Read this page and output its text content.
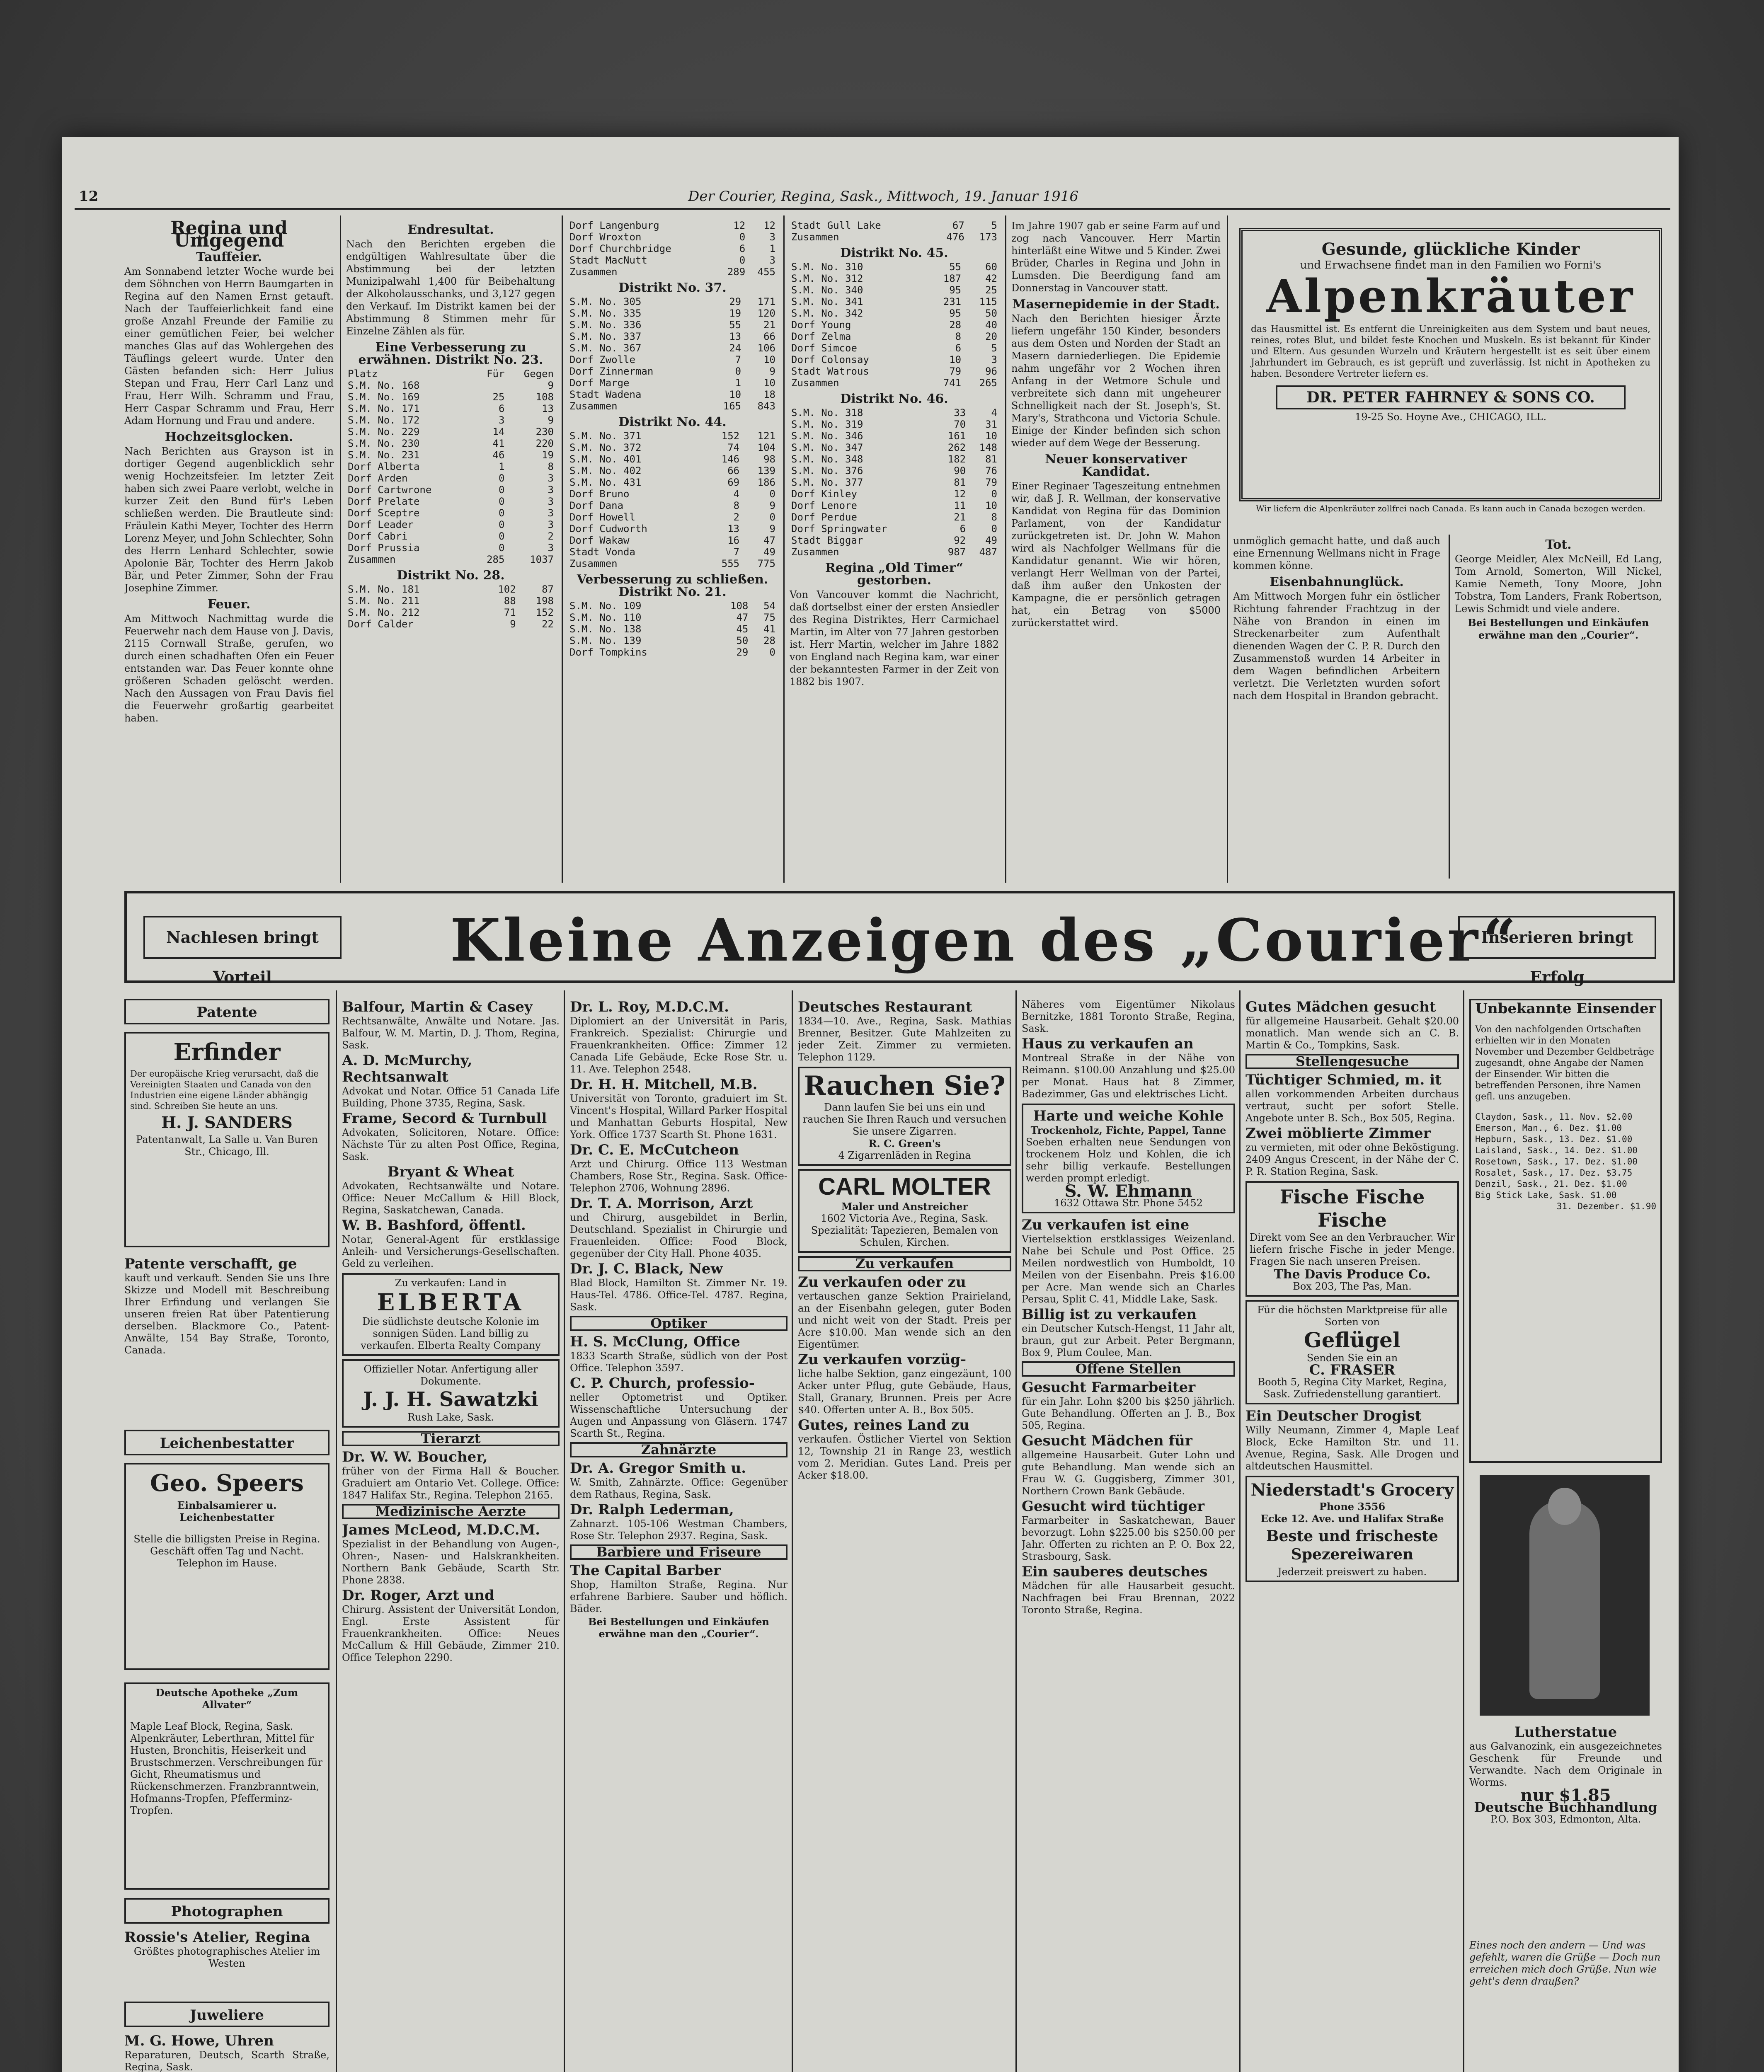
12	Der Courier, Regina, Sask., Mittwoch, 19. Januar 1916
Regina und Umgegend
Tauffeier.

Am Sonnabend letzter Woche wurde bei dem Söhnchen von Herrn Baumgarten in Regina auf den Namen Ernst getauft. Nach der Tauffeierlichkeit fand eine große Anzahl Freunde der Familie zu einer gemütlichen Feier, bei welcher manches Glas auf das Wohlergehen des Täuflings geleert wurde. Unter den Gästen befanden sich: Herr Julius Stepan und Frau, Herr Carl Lanz und Frau, Herr Wilh. Schramm und Frau, Herr Caspar Schramm und Frau, Herr Adam Hornung und Frau und andere.

Hochzeitsglocken.

Nach Berichten aus Grayson ist in dortiger Gegend augenblicklich sehr wenig Hochzeitsfeier. Im letzter Zeit haben sich zwei Paare verlobt, welche in kurzer Zeit den Bund für's Leben schließen werden. Die Brautleute sind: Fräulein Kathi Meyer, Tochter des Herrn Lorenz Meyer, und John Schlechter, Sohn des Herrn Lenhard Schlechter, sowie Apolonie Bär, Tochter des Herrn Jakob Bär, und Peter Zimmer, Sohn der Frau Josephine Zimmer.

Feuer.

Am Mittwoch Nachmittag wurde die Feuerwehr nach dem Hause von J. Davis, 2115 Cornwall Straße, gerufen, wo durch einen schadhaften Ofen ein Feuer entstanden war. Das Feuer konnte ohne größeren Schaden gelöscht werden. Nach den Aussagen von Frau Davis fiel die Feuerwehr großartig gearbeitet haben.

Endresultat.

Nach den Berichten ergeben die endgültigen Wahlresultate über die Abstimmung bei der letzten Munizipalwahl 1,400 für Beibehaltung der Alkoholausschanks, und 3,127 gegen den Verkauf. Im Distrikt kamen bei der Abstimmung 8 Stimmen mehr für Einzelne Zählen als für.

Eine Verbesserung zu erwähnen. Distrikt No. 23.
Platz	Für	Gegen
S.M. No. 168		9
S.M. No. 169	25	108
S.M. No. 171	6	13
S.M. No. 172	3	9
S.M. No. 229	14	230
S.M. No. 230	41	220
S.M. No. 231	46	19
Dorf Alberta	1	8
Dorf Arden	0	3
Dorf Cartwrone	0	3
Dorf Prelate	0	3
Dorf Sceptre	0	3
Dorf Leader	0	3
Dorf Cabri	0	2
Dorf Prussia	0	3
Zusammen	285	1037
Distrikt No. 28.
S.M. No. 181	102	87
S.M. No. 211	88	198
S.M. No. 212	71	152
Dorf Calder	9	22
Dorf Langenburg	12	12
Dorf Wroxton	0	3
Dorf Churchbridge	6	1
Stadt MacNutt	0	3
Zusammen	289	455
Distrikt No. 37.
S.M. No. 305	29	171
S.M. No. 335	19	120
S.M. No. 336	55	21
S.M. No. 337	13	66
S.M. No. 367	24	106
Dorf Zwolle	7	10
Dorf Zinnerman	0	9
Dorf Marge	1	10
Stadt Wadena	10	18
Zusammen	165	843
Distrikt No. 44.
S.M. No. 371	152	121
S.M. No. 372	74	104
S.M. No. 401	146	98
S.M. No. 402	66	139
S.M. No. 431	69	186
Dorf Bruno	4	0
Dorf Dana	8	9
Dorf Howell	2	0
Dorf Cudworth	13	9
Dorf Wakaw	16	47
Stadt Vonda	7	49
Zusammen	555	775
Verbesserung zu schließen. Distrikt No. 21.
S.M. No. 109	108	54
S.M. No. 110	47	75
S.M. No. 138	45	41
S.M. No. 139	50	28
Dorf Tompkins	29	0
Stadt Gull Lake	67	5
Zusammen	476	173
Distrikt No. 45.
S.M. No. 310	55	60
S.M. No. 312	187	42
S.M. No. 340	95	25
S.M. No. 341	231	115
S.M. No. 342	95	50
Dorf Young	28	40
Dorf Zelma	8	20
Dorf Simcoe	6	5
Dorf Colonsay	10	3
Stadt Watrous	79	96
Zusammen	741	265
Distrikt No. 46.
S.M. No. 318	33	4
S.M. No. 319	70	31
S.M. No. 346	161	10
S.M. No. 347	262	148
S.M. No. 348	182	81
S.M. No. 376	90	76
S.M. No. 377	81	79
Dorf Kinley	12	0
Dorf Lenore	11	10
Dorf Perdue	21	8
Dorf Springwater	6	0
Stadt Biggar	92	49
Zusammen	987	487
Regina „Old Timer“ gestorben.

Von Vancouver kommt die Nachricht, daß dortselbst einer der ersten Ansiedler des Regina Distriktes, Herr Carmichael Martin, im Alter von 77 Jahren gestorben ist. Herr Martin, welcher im Jahre 1882 von England nach Regina kam, war einer der bekanntesten Farmer in der Zeit von 1882 bis 1907.

Im Jahre 1907 gab er seine Farm auf und zog nach Vancouver. Herr Martin hinterläßt eine Witwe und 5 Kinder. Zwei Brüder, Charles in Regina und John in Lumsden. Die Beerdigung fand am Donnerstag in Vancouver statt.

Masernepidemie in der Stadt.

Nach den Berichten hiesiger Ärzte liefern ungefähr 150 Kinder, besonders aus dem Osten und Norden der Stadt an Masern darniederliegen. Die Epidemie nahm ungefähr vor 2 Wochen ihren Anfang in der Wetmore Schule und verbreitete sich dann mit ungeheurer Schnelligkeit nach der St. Joseph's, St. Mary's, Strathcona und Victoria Schule. Einige der Kinder befinden sich schon wieder auf dem Wege der Besserung.

Neuer konservativer Kandidat.

Einer Reginaer Tageszeitung entnehmen wir, daß J. R. Wellman, der konservative Kandidat von Regina für das Dominion Parlament, von der Kandidatur zurückgetreten ist. Dr. John W. Mahon wird als Nachfolger Wellmans für die Kandidatur genannt. Wie wir hören, verlangt Herr Wellman von der Partei, daß ihm außer den Unkosten der Kampagne, die er persönlich getragen hat, ein Betrag von $5000 zurückerstattet wird.

Gesunde, glückliche Kinder
und Erwachsene findet man in den Familien wo Forni's
Alpenkräuter
das Hausmittel ist. Es entfernt die Unreinigkeiten aus dem System und baut neues, reines, rotes Blut, und bildet feste Knochen und Muskeln. Es ist bekannt für Kinder und Eltern. Aus gesunden Wurzeln und Kräutern hergestellt ist es seit über einem Jahrhundert im Gebrauch, es ist geprüft und zuverlässig. Ist nicht in Apotheken zu haben. Besondere Vertreter liefern es.
DR. PETER FAHRNEY & SONS CO.
19-25 So. Hoyne Ave., CHICAGO, ILL.
Wir liefern die Alpenkräuter zollfrei nach Canada. Es kann auch in Canada bezogen werden.

unmöglich gemacht hatte, und daß auch eine Ernennung Wellmans nicht in Frage kommen könne.

Eisenbahnunglück.

Am Mittwoch Morgen fuhr ein östlicher Richtung fahrender Frachtzug in der Nähe von Brandon in einen im Streckenarbeiter zum Aufenthalt dienenden Wagen der C. P. R. Durch den Zusammenstoß wurden 14 Arbeiter in dem Wagen befindlichen Arbeitern verletzt. Die Verletzten wurden sofort nach dem Hospital in Brandon gebracht.

Tot.

George Meidler, Alex McNeill, Ed Lang, Tom Arnold, Somerton, Will Nickel, Kamie Nemeth, Tony Moore, John Tobstra, Tom Landers, Frank Robertson, Lewis Schmidt und viele andere.

Bei Bestellungen und Einkäufen erwähne man den „Courier“.

Nachlesen bringt Vorteil
Kleine Anzeigen des „Courier“
Inserieren bringt Erfolg
Patente
Erfinder
Der europäische Krieg verursacht, daß die Vereinigten Staaten und Canada von den Industrien eine eigene Länder abhängig sind. Schreiben Sie heute an uns.
H. J. SANDERS
Patentanwalt, La Salle u. Van Buren Str., Chicago, Ill.
Patente verschafft, ge

kauft und verkauft. Senden Sie uns Ihre Skizze und Modell mit Beschreibung Ihrer Erfindung und verlangen Sie unseren freien Rat über Patentierung derselben. Blackmore Co., Patent-Anwälte, 154 Bay Straße, Toronto, Canada.

Leichenbestatter
Geo. Speers
Einbalsamierer u. Leichenbestatter

Stelle die billigsten Preise in Regina. Geschäft offen Tag und Nacht. Telephon im Hause.

Deutsche Apotheke „Zum Allvater“

Maple Leaf Block, Regina, Sask. Alpenkräuter, Leberthran, Mittel für Husten, Bronchitis, Heiserkeit und Brustschmerzen. Verschreibungen für Gicht, Rheumatismus und Rückenschmerzen. Franzbranntwein, Hofmanns-Tropfen, Pfefferminz-Tropfen.

Photographen
Rossie's Atelier, Regina

Größtes photographisches Atelier im Westen

Juweliere
M. G. Howe, Uhren

Reparaturen, Deutsch, Scarth Straße, Regina, Sask.

Balfour, Martin & Casey

Rechtsanwälte, Anwälte und Notare. Jas. Balfour, W. M. Martin, D. J. Thom, Regina, Sask.

A. D. McMurchy, Rechtsanwalt

Advokat und Notar. Office 51 Canada Life Building, Phone 3735, Regina, Sask.

Frame, Secord & Turnbull

Advokaten, Solicitoren, Notare. Office: Nächste Tür zu alten Post Office, Regina, Sask.

Bryant & Wheat

Advokaten, Rechtsanwälte und Notare. Office: Neuer McCallum & Hill Block, Regina, Saskatchewan, Canada.

W. B. Bashford, öffentl.

Notar, General-Agent für erstklassige Anleih- und Versicherungs-Gesellschaften. Geld zu verleihen.

Zu verkaufen: Land in
ELBERTA
Die südlichste deutsche Kolonie im sonnigen Süden. Land billig zu verkaufen. Elberta Realty Company
Offizieller Notar. Anfertigung aller Dokumente.
J. J. H. Sawatzki
Rush Lake, Sask.
Tierarzt
Dr. W. W. Boucher,

früher von der Firma Hall & Boucher. Graduiert am Ontario Vet. College. Office: 1847 Halifax Str., Regina. Telephon 2165.

Medizinische Aerzte
James McLeod, M.D.C.M.

Spezialist in der Behandlung von Augen-, Ohren-, Nasen- und Halskrankheiten. Northern Bank Gebäude, Scarth Str. Phone 2838.

Dr. Roger, Arzt und

Chirurg. Assistent der Universität London, Engl. Erste Assistent für Frauenkrankheiten. Office: Neues McCallum & Hill Gebäude, Zimmer 210. Office Telephon 2290.

Dr. L. Roy, M.D.C.M.

Diplomiert an der Universität in Paris, Frankreich. Spezialist: Chirurgie und Frauenkrankheiten. Office: Zimmer 12 Canada Life Gebäude, Ecke Rose Str. u. 11. Ave. Telephon 2548.

Dr. H. H. Mitchell, M.B.

Universität von Toronto, graduiert im St. Vincent's Hospital, Willard Parker Hospital und Manhattan Geburts Hospital, New York. Office 1737 Scarth St. Phone 1631.

Dr. C. E. McCutcheon

Arzt und Chirurg. Office 113 Westman Chambers, Rose Str., Regina. Sask. Office-Telephon 2706, Wohnung 2896.

Dr. T. A. Morrison, Arzt

und Chirurg, ausgebildet in Berlin, Deutschland. Spezialist in Chirurgie und Frauenleiden. Office: Food Block, gegenüber der City Hall. Phone 4035.

Dr. J. C. Black, New

Blad Block, Hamilton St. Zimmer Nr. 19. Haus-Tel. 4786. Office-Tel. 4787. Regina, Sask.

Optiker
H. S. McClung, Office

1833 Scarth Straße, südlich von der Post Office. Telephon 3597.

C. P. Church, professio-

neller Optometrist und Optiker. Wissenschaftliche Untersuchung der Augen und Anpassung von Gläsern. 1747 Scarth St., Regina.

Zahnärzte
Dr. A. Gregor Smith u.

W. Smith, Zahnärzte. Office: Gegenüber dem Rathaus, Regina, Sask.

Dr. Ralph Lederman,

Zahnarzt. 105-106 Westman Chambers, Rose Str. Telephon 2937. Regina, Sask.

Barbiere und Friseure
The Capital Barber

Shop, Hamilton Straße, Regina. Nur erfahrene Barbiere. Sauber und höflich. Bäder.

Bei Bestellungen und Einkäufen erwähne man den „Courier“.

Deutsches Restaurant

1834—10. Ave., Regina, Sask. Mathias Brenner, Besitzer. Gute Mahlzeiten zu jeder Zeit. Zimmer zu vermieten. Telephon 1129.

Rauchen Sie?
Dann laufen Sie bei uns ein und rauchen Sie Ihren Rauch und versuchen Sie unsere Zigarren.
R. C. Green's
4 Zigarrenläden in Regina
CARL MOLTER
Maler und Anstreicher
1602 Victoria Ave., Regina, Sask. Spezialität: Tapezieren, Bemalen von Schulen, Kirchen.
Zu verkaufen
Zu verkaufen oder zu

vertauschen ganze Sektion Prairieland, an der Eisenbahn gelegen, guter Boden und nicht weit von der Stadt. Preis per Acre $10.00. Man wende sich an den Eigentümer.

Zu verkaufen vorzüg-

liche halbe Sektion, ganz eingezäunt, 100 Acker unter Pflug, gute Gebäude, Haus, Stall, Granary, Brunnen. Preis per Acre $40. Offerten unter A. B., Box 505.

Gutes, reines Land zu

verkaufen. Östlicher Viertel von Sektion 12, Township 21 in Range 23, westlich vom 2. Meridian. Gutes Land. Preis per Acker $18.00.

Näheres vom Eigentümer Nikolaus Bernitzke, 1881 Toronto Straße, Regina, Sask.

Haus zu verkaufen an

Montreal Straße in der Nähe von Reimann. $100.00 Anzahlung und $25.00 per Monat. Haus hat 8 Zimmer, Badezimmer, Gas und elektrisches Licht.

Harte und weiche Kohle
Trockenholz, Fichte, Pappel, Tanne

Soeben erhalten neue Sendungen von trockenem Holz und Kohlen, die ich sehr billig verkaufe. Bestellungen werden prompt erledigt.

S. W. Ehmann
1632 Ottawa Str. Phone 5452
Zu verkaufen ist eine

Viertelsektion erstklassiges Weizenland. Nahe bei Schule und Post Office. 25 Meilen nordwestlich von Humboldt, 10 Meilen von der Eisenbahn. Preis $16.00 per Acre. Man wende sich an Charles Persau, Split C. 41, Middle Lake, Sask.

Billig ist zu verkaufen

ein Deutscher Kutsch-Hengst, 11 Jahr alt, braun, gut zur Arbeit. Peter Bergmann, Box 9, Plum Coulee, Man.

Offene Stellen
Gesucht Farmarbeiter

für ein Jahr. Lohn $200 bis $250 jährlich. Gute Behandlung. Offerten an J. B., Box 505, Regina.

Gesucht Mädchen für

allgemeine Hausarbeit. Guter Lohn und gute Behandlung. Man wende sich an Frau W. G. Guggisberg, Zimmer 301, Northern Crown Bank Gebäude.

Gesucht wird tüchtiger

Farmarbeiter in Saskatchewan, Bauer bevorzugt. Lohn $225.00 bis $250.00 per Jahr. Offerten zu richten an P. O. Box 22, Strasbourg, Sask.

Ein sauberes deutsches

Mädchen für alle Hausarbeit gesucht. Nachfragen bei Frau Brennan, 2022 Toronto Straße, Regina.

Gutes Mädchen gesucht

für allgemeine Hausarbeit. Gehalt $20.00 monatlich. Man wende sich an C. B. Martin & Co., Tompkins, Sask.

Stellengesuche
Tüchtiger Schmied, m. it

allen vorkommenden Arbeiten durchaus vertraut, sucht per sofort Stelle. Angebote unter B. Sch., Box 505, Regina.

Zwei möblierte Zimmer

zu vermieten, mit oder ohne Beköstigung. 2409 Angus Crescent, in der Nähe der C. P. R. Station Regina, Sask.

Fische Fische Fische

Direkt vom See an den Verbraucher. Wir liefern frische Fische in jeder Menge. Fragen Sie nach unseren Preisen.

The Davis Produce Co.
Box 203, The Pas, Man.
Für die höchsten Marktpreise für alle Sorten von
Geflügel
Senden Sie ein an
C. FRASER
Booth 5, Regina City Market, Regina, Sask. Zufriedenstellung garantiert.
Ein Deutscher Drogist

Willy Neumann, Zimmer 4, Maple Leaf Block, Ecke Hamilton Str. und 11. Avenue, Regina, Sask. Alle Drogen und altdeutschen Hausmittel.

Niederstadt's Grocery
Phone 3556
Ecke 12. Ave. und Halifax Straße
Beste und frischeste Spezereiwaren
Jederzeit preiswert zu haben.
Unbekannte Einsender

Von den nachfolgenden Ortschaften erhielten wir in den Monaten November und Dezember Geldbeträge zugesandt, ohne Angabe der Namen der Einsender. Wir bitten die betreffenden Personen, ihre Namen gefl. uns anzugeben.

Claydon, Sask., 11. Nov. $2.00
Emerson, Man., 6. Dez. $1.00
Hepburn, Sask., 13. Dez. $1.00
Laisland, Sask., 14. Dez. $1.00
Rosetown, Sask., 17. Dez. $1.00
Rosalet, Sask., 17. Dez. $3.75
Denzil, Sask., 21. Dez. $1.00
Big Stick Lake, Sask. $1.00
31. Dezember. $1.90
Lutherstatue

aus Galvanozink, ein ausgezeichnetes Geschenk für Freunde und Verwandte. Nach dem Originale in Worms.

nur $1.85
Deutsche Buchhandlung
P.O. Box 303, Edmonton, Alta.
Eines noch den andern — Und was gefehlt, waren die Grüße — Doch nun erreichen mich doch Grüße. Nun wie geht's denn draußen?
